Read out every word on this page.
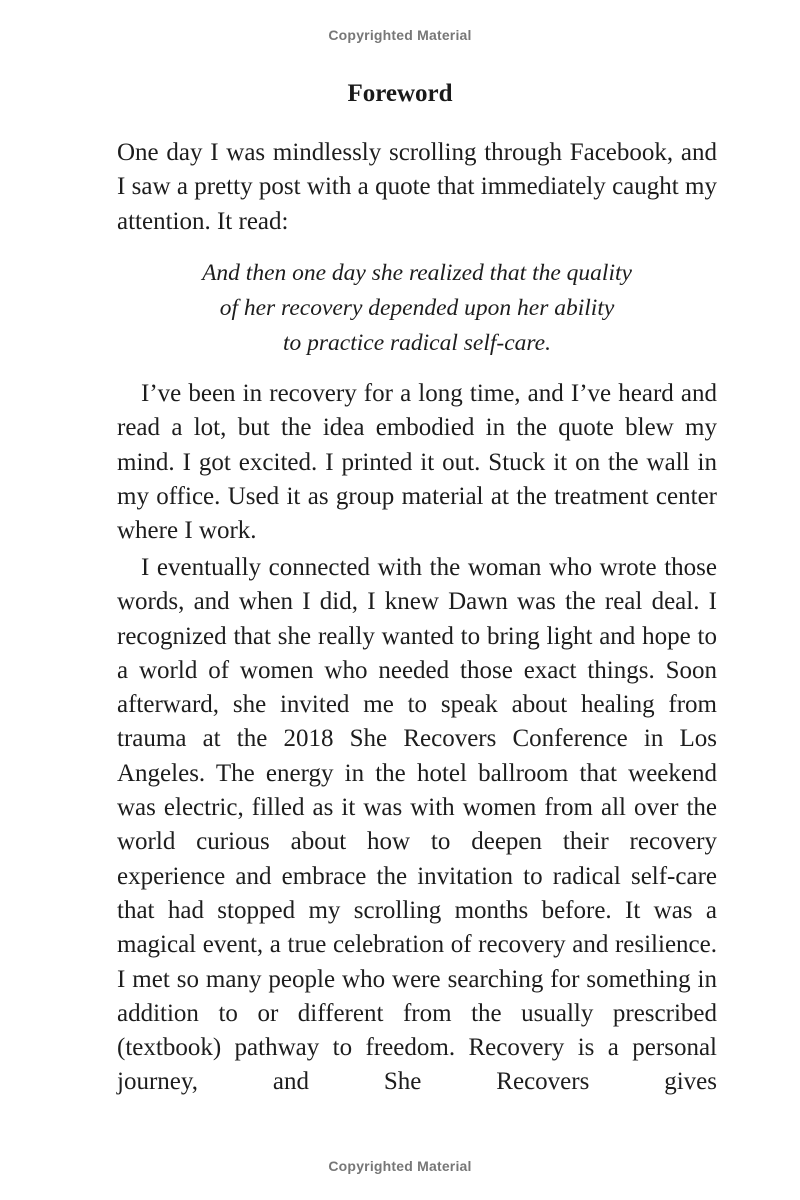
Copyrighted Material
Foreword

One day I was mindlessly scrolling through Facebook, and I saw a pretty post with a quote that immediately caught my attention. It read:

And then one day she realized that the quality
of her recovery depended upon her ability
to practice radical self-care.

I’ve been in recovery for a long time, and I’ve heard and read a lot, but the idea embodied in the quote blew my mind. I got excited. I printed it out. Stuck it on the wall in my office. Used it as group material at the treatment center where I work.

I eventually connected with the woman who wrote those words, and when I did, I knew Dawn was the real deal. I recognized that she really wanted to bring light and hope to a world of women who needed those exact things. Soon afterward, she invited me to speak about healing from trauma at the 2018 She Recovers Conference in Los Angeles. The energy in the hotel ballroom that weekend was electric, filled as it was with women from all over the world curious about how to deepen their recovery experience and embrace the invitation to radical self-care that had stopped my scrolling months before. It was a magical event, a true celebration of recovery and resilience. I met so many people who were searching for something in addition to or different from the usually prescribed (textbook) pathway to freedom. Recovery is a personal journey, and She Recovers gives

Copyrighted Material
